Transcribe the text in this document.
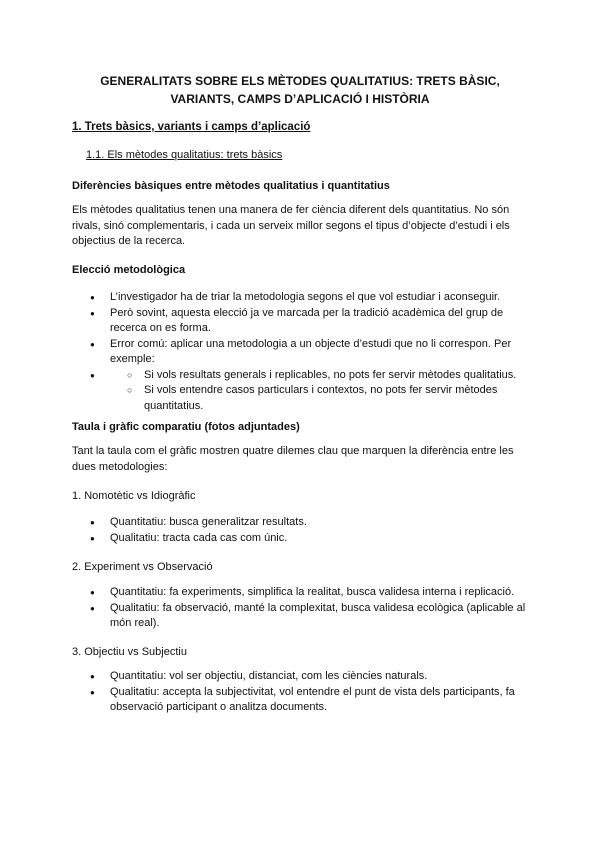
GENERALITATS SOBRE ELS MÈTODES QUALITATIUS: TRETS BÀSIC,
VARIANTS, CAMPS D’APLICACIÓ I HISTÒRIA

1. Trets bàsics, variants i camps d’aplicació

1.1. Els mètodes qualitatius: trets bàsics

Diferències bàsiques entre mètodes qualitatius i quantitatius

Els mètodes qualitatius tenen una manera de fer ciència diferent dels quantitatius. No són rivals, sinó complementaris, i cada un serveix millor segons el tipus d’objecte d’estudi i els objectius de la recerca.

Elecció metodològica

● L’investigador ha de triar la metodologia segons el que vol estudiar i aconseguir.
● Però sovint, aquesta elecció ja ve marcada per la tradició acadèmica del grup de recerca on es forma.
● Error comú: aplicar una metodologia a un objecte d’estudi que no li correspon. Per exemple:
○ ● Si vols resultats generals i replicables, no pots fer servir mètodes qualitatius.
○ Si vols entendre casos particulars i contextos, no pots fer servir mètodes quantitatius.

Taula i gràfic comparatiu (fotos adjuntades)

Tant la taula com el gràfic mostren quatre dilemes clau que marquen la diferència entre les dues metodologies:

1. Nomotètic vs Idiogràfic

● Quantitatiu: busca generalitzar resultats.
● Qualitatiu: tracta cada cas com únic.

2. Experiment vs Observació

● Quantitatiu: fa experiments, simplifica la realitat, busca validesa interna i replicació.
● Qualitatiu: fa observació, manté la complexitat, busca validesa ecològica (aplicable al món real).

3. Objectiu vs Subjectiu

● Quantitatiu: vol ser objectiu, distanciat, com les ciències naturals.
● Qualitatiu: accepta la subjectivitat, vol entendre el punt de vista dels participants, fa observació participant o analitza documents.
